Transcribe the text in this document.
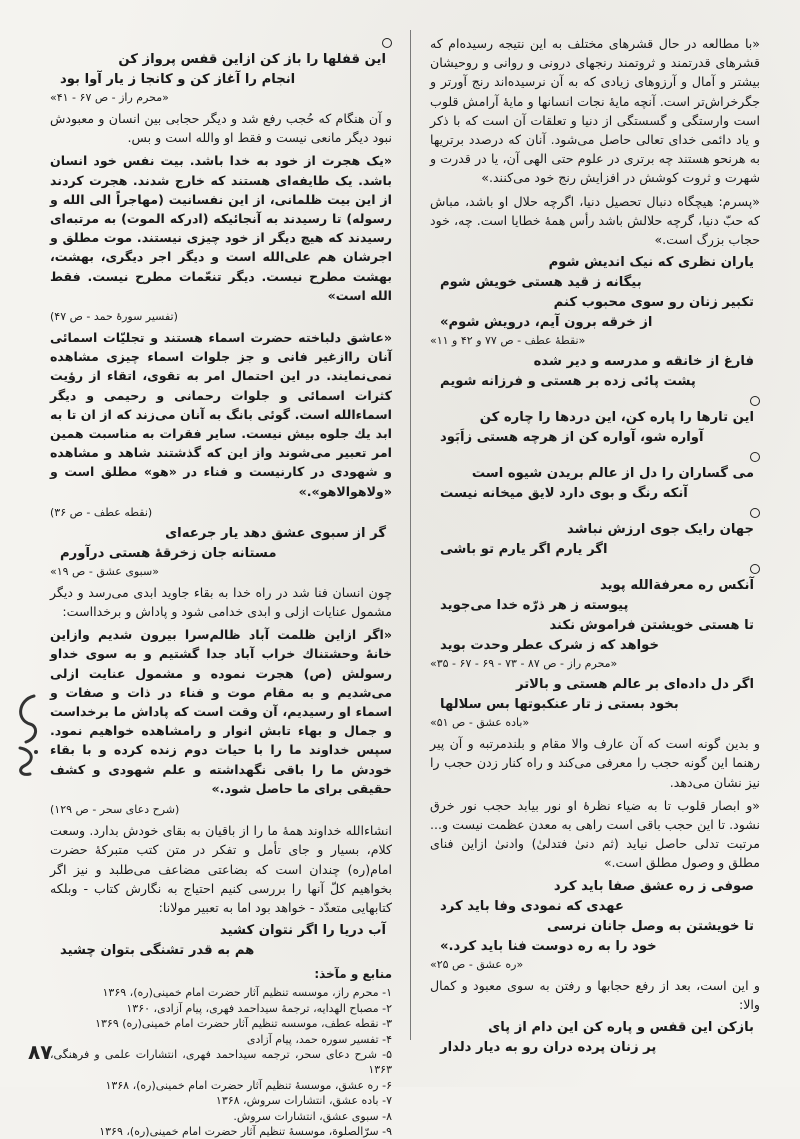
«با مطالعه در حال قشرهای مختلف به این نتیجه رسیده‌ام که قشرهای قدرتمند و ثروتمند رنجهای درونی و روانی و روحیشان بیشتر و آمال و آرزوهای زیادی که به آن نرسیده‌اند رنج آورتر و جگرخراش‌تر است. آنچه مایهٔ نجات انسانها و مایهٔ آرامش قلوب است وارستگی و گسستگی از دنیا و تعلقات آن است که با ذکر و یاد دائمی خدای تعالی حاصل می‌شود. آنان که درصدد برتریها به هرنحو هستند چه برتری در علوم حتی الهی آن، یا در قدرت و شهرت و ثروت کوشش در افزایش رنج خود می‌کنند.»

«پسرم: هیچگاه دنبال تحصیل دنیا، اگرچه حلال او باشد، مباش که حبّ دنیا، گرچه حلالش باشد رأس همهٔ خطایا است. چه، خود حجاب بزرگ است.»

یاران نظری که نیک اندیش شوم

بیگانه ز قید هستی خویش شوم

تکبیر زنان رو سوی محبوب کنم

از خرقه برون آیم، درویش شوم»

«نقطهٔ عطف - ص ۷۷ و ۴۲ و ۱۱»

فارغ از خانقه و مدرسه و دیر شده

پشت پائی زده بر هستی و فرزانه شویم

این تارها را پاره کن، این دردها را چاره کن

آواره شو، آواره کن از هرچه هستی زاَبَود

می گساران را دل از عالم بریدن شیوه است

آنکه رنگ و بوی دارد لایق میخانه نیست

جهان رایک جوی ارزش نباشد

اگر یارم اگر یارم تو باشی

آنکس ره معرفة‌الله پوید

پیوسته ز هر ذرّه خدا می‌جوید

تا هستی خویشتن فراموش نکند

خواهد که ز شرک عطر وحدت بوید

«محرم راز - ص ۸۷ - ۷۳ - ۶۹ - ۶۷ - ۳۵»

اگر دل داده‌ای بر عالم هستی و بالاتر

بخود بستی ز تار عنکبوتها بس سلالها

«باده عشق - ص ۵۱»

و بدین گونه است که آن عارف والا مقام و بلندمرتبه و آن پیر رهنما این گونه حجب را معرفی می‌کند و راه کنار زدن حجب را نیز نشان می‌دهد.

«و ابصار قلوب تا به ضیاء نظرهٔ او نور بیابد حجب نور خرق نشود. تا این حجب باقی است راهی به معدن عظمت نیست و... مرتبت تدلی حاصل نیاید (ثم دنیٰ فتدلیٰ) وادنیٰ ازاین فنای مطلق و وصول مطلق است.»

صوفی ز ره عشق صفا باید کرد

عهدی که نمودی وفا باید کرد

تا خویشتن به وصل جانان نرسی

خود را به ره دوست فنا باید کرد.»

«ره عشق - ص ۲۵»

و این است، بعد از رفع حجابها و رفتن به سوی معبود و کمال والا:

بازکن این قفس و پاره کن این دام از پای

پر زنان پرده دران رو به دیار دلدار

این قفلها را باز کن ازاین قفس پرواز کن

انجام را آغاز کن و کانجا ز یار آوا بود

«محرم راز - ص ۶۷ - ۴۱»

و آن هنگام که حُجب رفع شد و دیگر حجابی بین انسان و معبودش نبود دیگر مانعی نیست و فقط او والله است و بس.

«یک هجرت از خود به خدا باشد. بیت نفس خود انسان باشد. یک طایفه‌ای هستند که خارج شدند. هجرت کردند از این بیت ظلمانی، از این نفسانیت (مهاجراً الی الله و رسوله) تا رسیدند به آنجائیکه (ادرکه الموت) به مرتبه‌ای رسیدند که هیچ دیگر از خود چیزی نیستند. موت مطلق و اجرشان هم علی‌الله است و دیگر اجر دیگری، بهشت، بهشت مطرح نیست. دیگر تنعّمات مطرح نیست. فقط الله است»

(تفسیر سورهٔ حمد - ص ۴۷)

«عاشق دلباخته حضرت اسماء هستند و تجلیّات اسمائی آنان رااز‌غیر فانی و جز جلوات اسماء چیزی مشاهده نمی‌نمایند. در این احتمال امر به تقوی، اتقاء از رؤیت کثرات اسمائی و جلوات رحمانی و رحیمی و دیگر اسماءالله است. گوئی بانگ به آنان می‌زند که از ان تا به ابد یك جلوه بیش نیست. سایر فقرات به مناسبت همین امر تعبیر می‌شوند واز این که گذشتند شاهد و مشاهده و شهودی در کارنیست و فناء در «هو» مطلق است و «ولاهوالاهو».»

(نقطه عطف - ص ۳۶)

گر از سبوی عشق دهد یار جرعه‌ای

مستانه جان زخرقهٔ هستی درآورم

«سبوی عشق - ص ۱۹»

چون انسان فنا شد در راه خدا به بقاء جاوید ابدی می‌رسد و دیگر مشمول عنایات ازلی و ابدی خدامی شود و پاداش و برخدااست:

«اگر ازاین ظلمت آباد ظالم‌سرا بیرون شدیم وازاین خانهٔ وحشتناك خراب آباد جدا گشتیم و به سوی خداو رسولش (ص) هجرت نموده و مشمول عنایت ازلی می‌شدیم و به مقام موت و فناء در ذات و صفات و اسماء او رسیدیم، آن وقت است که پاداش ما برخداست و جمال و بهاء تابش انوار و رامشاهده خواهیم نمود. سپس خداوند ما را با حیات دوم زنده کرده و با بقاء خودش ما را باقی نگهداشته و علم شهودی و کشف حقیقی برای ما حاصل شود.»

(شرح دعای سحر - ص ۱۲۹)

انشاءالله خداوند همهٔ ما را از باقیان به بقای خودش بدارد. وسعت کلام، بسیار و جای تأمل و تفکر در متن کتب متبرکهٔ حضرت امام(ره) چندان است که بضاعتی مضاعف می‌طلبد و نیز اگر بخواهیم کلّ آنها را بررسی کنیم احتیاج به نگارش کتاب - وبلکه کتابهایی متعدّد - خواهد بود اما به تعبیر مولانا:

آب دریا را اگر نتوان کشید

هم به قدر تشنگی بتوان چشید

منابع و مآخذ:

۱- محرم راز، موسسه تنظیم آثار حضرت امام خمینی(ره)، ۱۳۶۹

۲- مصباح الهدایه، ترجمهٔ سیداحمد فهری، پیام آزادی، ۱۳۶۰

۳- نقطه عطف، موسسه تنظیم آثار حضرت امام خمینی(ره) ۱۳۶۹

۴- تفسیر سوره حمد، پیام آزادی

۵- شرح دعای سحر، ترجمه سیداحمد فهری، انتشارات علمی و فرهنگی، ۱۳۶۳

۶- ره عشق، موسسهٔ تنظیم آثار حضرت امام خمینی(ره)، ۱۳۶۸

۷- باده عشق، انتشارات سروش، ۱۳۶۸

۸- سبوی عشق، انتشارات سروش.

۹- سرّالصلوة، موسسهٔ تنظیم آثار حضرت امام خمینی(ره)، ۱۳۶۹

۸۷
